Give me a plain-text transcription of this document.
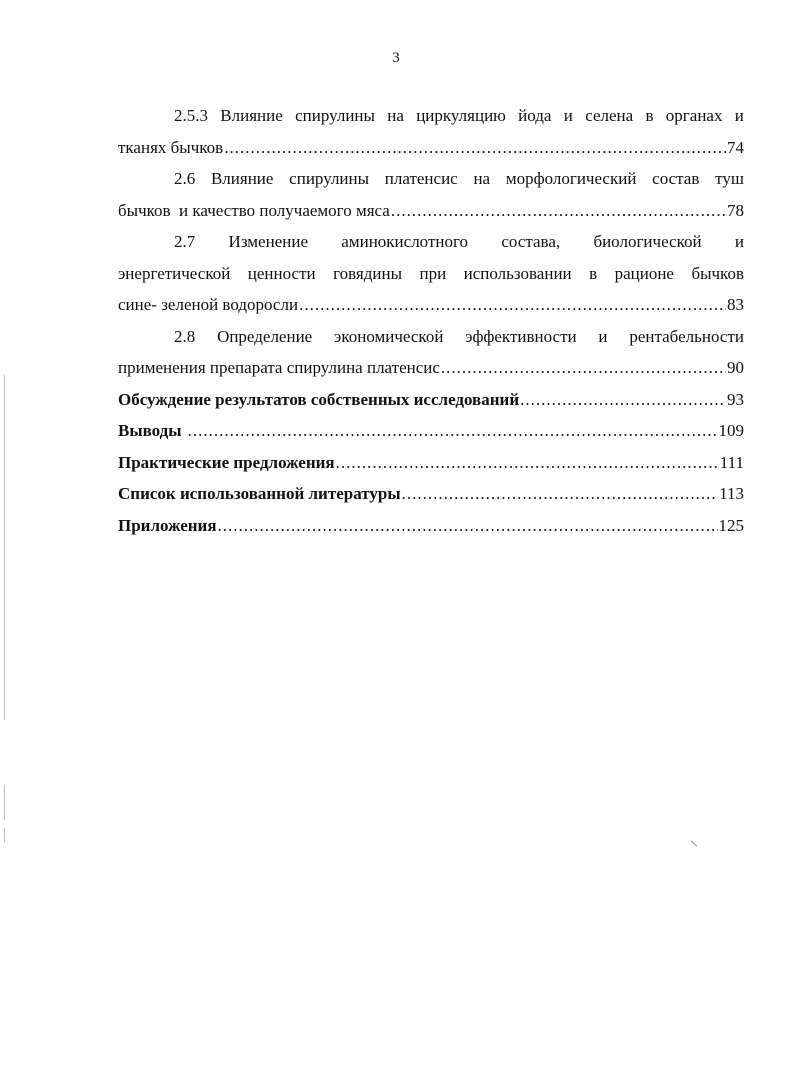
3
2.5.3 Влияние спирулины на циркуляцию йода и селена в органах и
тканях бычков .....	74
2.6 Влияние спирулины платенсис на морфологический состав туш
бычков  и качество получаемого мяса .....	78
2.7 Изменение аминокислотного состава, биологической и
энергетической ценности говядины при использовании в рационе бычков
сине- зеленой водоросли .....	83
2.8 Определение экономической эффективности и рентабельности
применения препарата спирулина платенсис .....	90
Обсуждение результатов собственных исследований .....	93
Выводы .....	109
Практические предложения .....	111
Список использованной литературы .....	113
Приложения .....	125
